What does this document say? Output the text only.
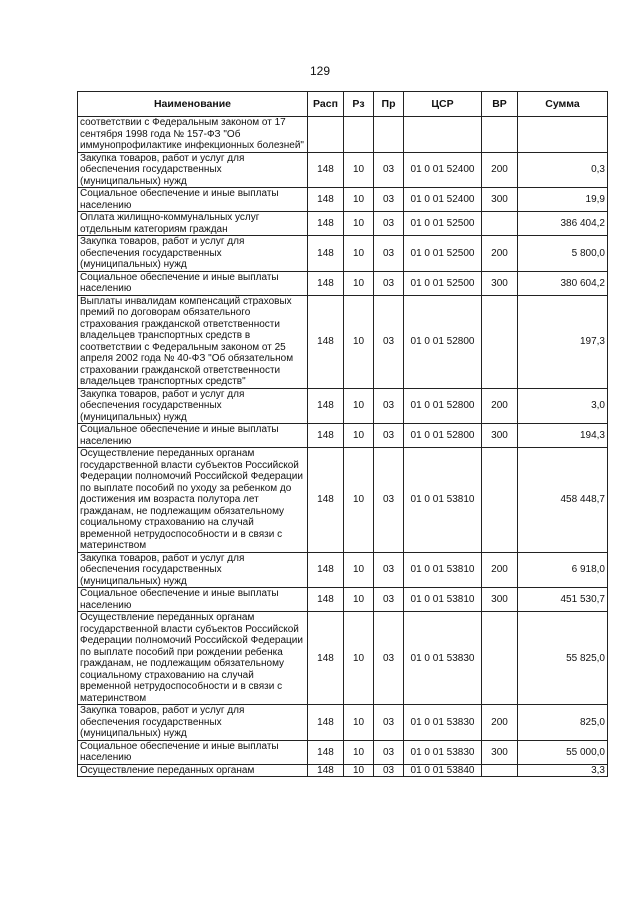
129
Наименование	Расп	Рз	Пр	ЦСР	ВР	Сумма
соответствии с Федеральным законом от 17 сентября 1998 года № 157-ФЗ "Об иммунопрофилактике инфекционных болезней"						
Закупка товаров, работ и услуг для обеспечения государственных (муниципальных) нужд	148	10	03	01 0 01 52400	200	0,3
Социальное обеспечение и иные выплаты населению	148	10	03	01 0 01 52400	300	19,9
Оплата жилищно-коммунальных услуг отдельным категориям граждан	148	10	03	01 0 01 52500		386 404,2
Закупка товаров, работ и услуг для обеспечения государственных (муниципальных) нужд	148	10	03	01 0 01 52500	200	5 800,0
Социальное обеспечение и иные выплаты населению	148	10	03	01 0 01 52500	300	380 604,2
Выплаты инвалидам компенсаций страховых премий по договорам обязательного страхования гражданской ответственности владельцев транспортных средств в соответствии с Федеральным законом от 25 апреля 2002 года № 40-ФЗ "Об обязательном страховании гражданской ответственности владельцев транспортных средств"	148	10	03	01 0 01 52800		197,3
Закупка товаров, работ и услуг для обеспечения государственных (муниципальных) нужд	148	10	03	01 0 01 52800	200	3,0
Социальное обеспечение и иные выплаты населению	148	10	03	01 0 01 52800	300	194,3
Осуществление переданных органам государственной власти субъектов Российской Федерации полномочий Российской Федерации по выплате пособий по уходу за ребенком до достижения им возраста полутора лет гражданам, не подлежащим обязательному социальному страхованию на случай временной нетрудоспособности и в связи с материнством	148	10	03	01 0 01 53810		458 448,7
Закупка товаров, работ и услуг для обеспечения государственных (муниципальных) нужд	148	10	03	01 0 01 53810	200	6 918,0
Социальное обеспечение и иные выплаты населению	148	10	03	01 0 01 53810	300	451 530,7
Осуществление переданных органам государственной власти субъектов Российской Федерации полномочий Российской Федерации по выплате пособий при рождении ребенка гражданам, не подлежащим обязательному социальному страхованию на случай временной нетрудоспособности и в связи с материнством	148	10	03	01 0 01 53830		55 825,0
Закупка товаров, работ и услуг для обеспечения государственных (муниципальных) нужд	148	10	03	01 0 01 53830	200	825,0
Социальное обеспечение и иные выплаты населению	148	10	03	01 0 01 53830	300	55 000,0
Осуществление переданных органам	148	10	03	01 0 01 53840		3,3
